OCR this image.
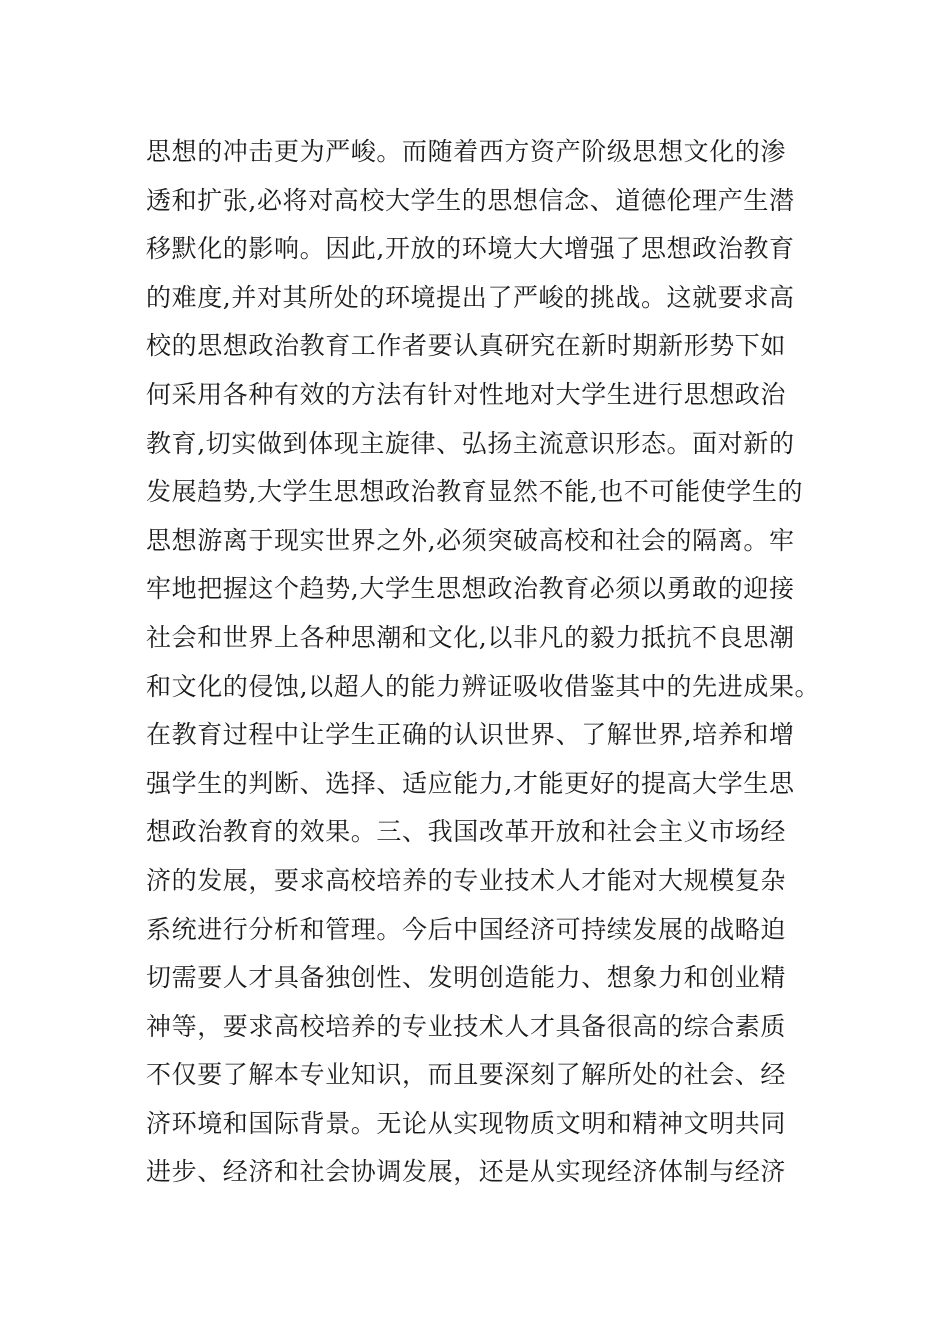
思想的冲击更为严峻。而随着西方资产阶级思想文化的渗
透和扩张,必将对高校大学生的思想信念、道德伦理产生潜
移默化的影响。因此,开放的环境大大增强了思想政治教育
的难度,并对其所处的环境提出了严峻的挑战。这就要求高
校的思想政治教育工作者要认真研究在新时期新形势下如
何采用各种有效的方法有针对性地对大学生进行思想政治
教育,切实做到体现主旋律、弘扬主流意识形态。面对新的
发展趋势,大学生思想政治教育显然不能,也不可能使学生的
思想游离于现实世界之外,必须突破高校和社会的隔离。牢
牢地把握这个趋势,大学生思想政治教育必须以勇敢的迎接
社会和世界上各种思潮和文化,以非凡的毅力抵抗不良思潮
和文化的侵蚀,以超人的能力辨证吸收借鉴其中的先进成果。
在教育过程中让学生正确的认识世界、了解世界,培养和增
强学生的判断、选择、适应能力,才能更好的提高大学生思
想政治教育的效果。三、我国改革开放和社会主义市场经
济的发展，要求高校培养的专业技术人才能对大规模复杂
系统进行分析和管理。今后中国经济可持续发展的战略迫
切需要人才具备独创性、发明创造能力、想象力和创业精
神等，要求高校培养的专业技术人才具备很高的综合素质
不仅要了解本专业知识，而且要深刻了解所处的社会、经
济环境和国际背景。无论从实现物质文明和精神文明共同
进步、经济和社会协调发展，还是从实现经济体制与经济
